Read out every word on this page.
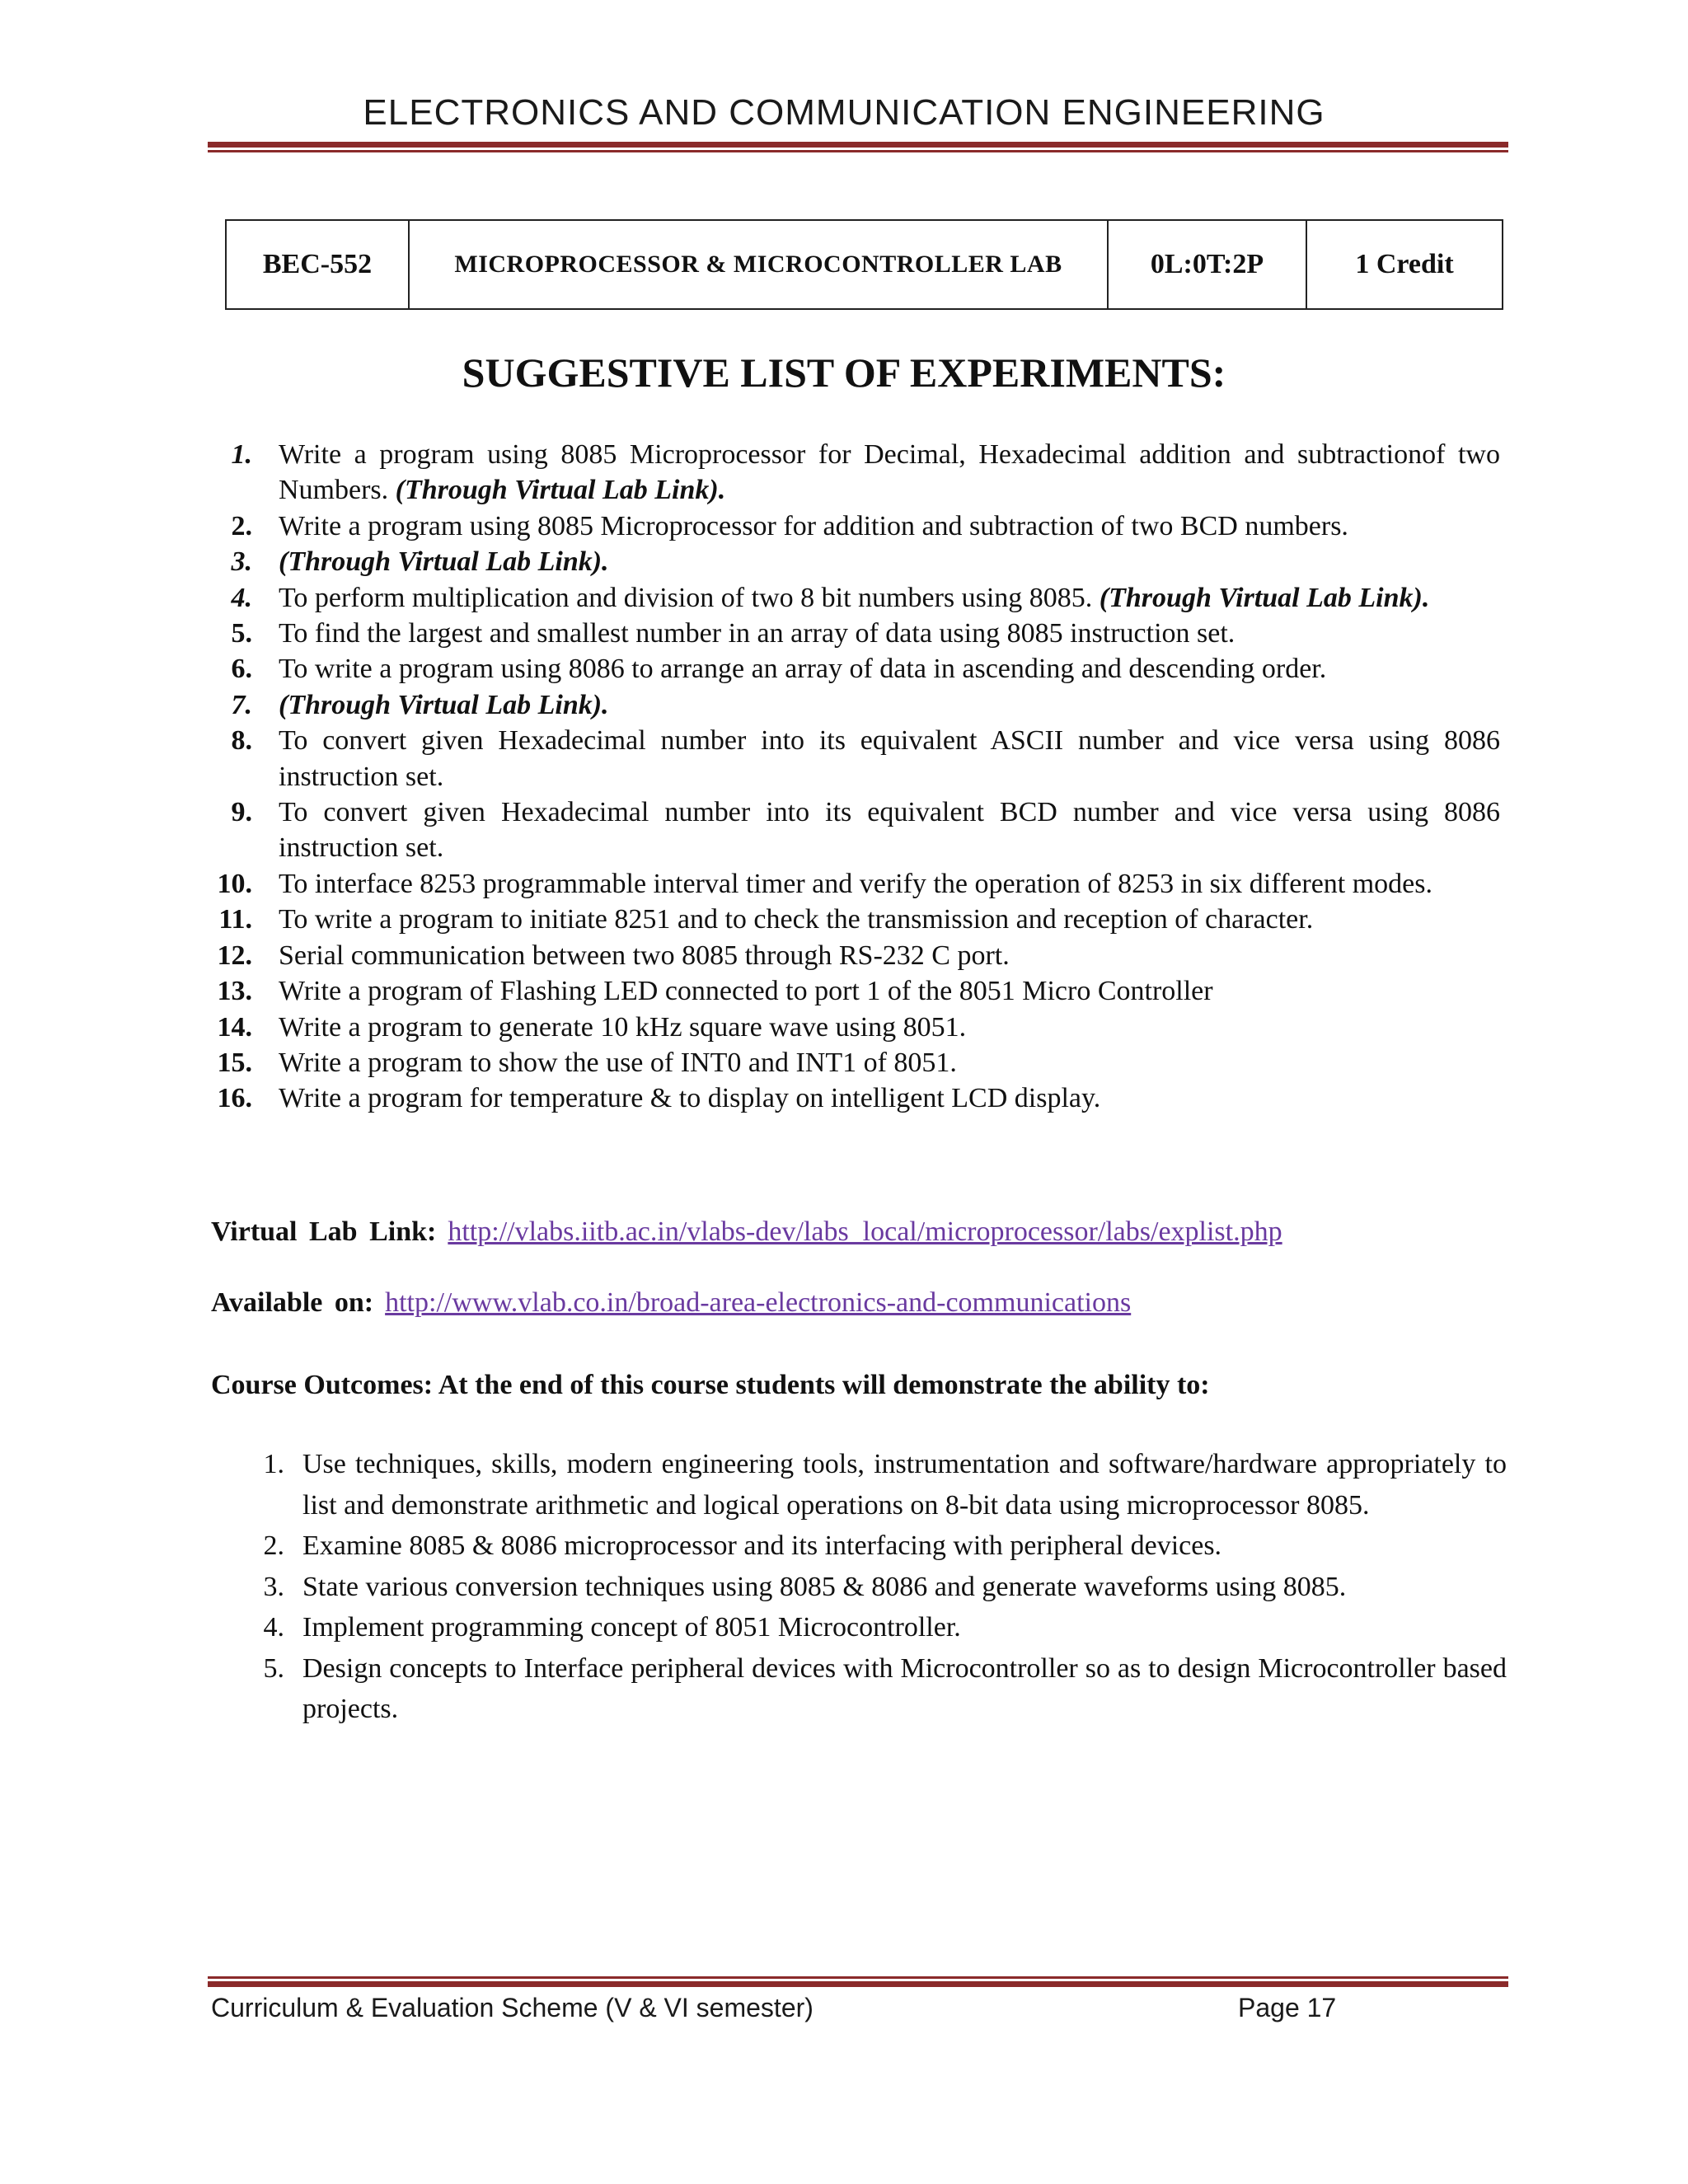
ELECTRONICS AND COMMUNICATION ENGINEERING
BEC-552	MICROPROCESSOR & MICROCONTROLLER LAB	0L:0T:2P	1 Credit
SUGGESTIVE LIST OF EXPERIMENTS:
1. Write a program using 8085 Microprocessor for Decimal, Hexadecimal addition and subtractionof two Numbers. (Through Virtual Lab Link).
2. Write a program using 8085 Microprocessor for addition and subtraction of two BCD numbers.
3. (Through Virtual Lab Link).
4. To perform multiplication and division of two 8 bit numbers using 8085. (Through Virtual Lab Link).
5. To find the largest and smallest number in an array of data using 8085 instruction set.
6. To write a program using 8086 to arrange an array of data in ascending and descending order.
7. (Through Virtual Lab Link).
8. To convert given Hexadecimal number into its equivalent ASCII number and vice versa using 8086 instruction set.
9. To convert given Hexadecimal number into its equivalent BCD number and vice versa using 8086 instruction set.
10. To interface 8253 programmable interval timer and verify the operation of 8253 in six different modes.
11. To write a program to initiate 8251 and to check the transmission and reception of character.
12. Serial communication between two 8085 through RS-232 C port.
13. Write a program of Flashing LED connected to port 1 of the 8051 Micro Controller
14. Write a program to generate 10 kHz square wave using 8051.
15. Write a program to show the use of INT0 and INT1 of 8051.
16. Write a program for temperature & to display on intelligent LCD display.
Virtual Lab Link: http://vlabs.iitb.ac.in/vlabs-dev/labs_local/microprocessor/labs/explist.php
Available on: http://www.vlab.co.in/broad-area-electronics-and-communications
Course Outcomes: At the end of this course students will demonstrate the ability to:
1. Use techniques, skills, modern engineering tools, instrumentation and software/hardware appropriately to list and demonstrate arithmetic and logical operations on 8-bit data using microprocessor 8085.
2. Examine 8085 & 8086 microprocessor and its interfacing with peripheral devices.
3. State various conversion techniques using 8085 & 8086 and generate waveforms using 8085.
4. Implement programming concept of 8051 Microcontroller.
5. Design concepts to Interface peripheral devices with Microcontroller so as to design Microcontroller based projects.
Curriculum & Evaluation Scheme (V & VI semester)	Page 17
